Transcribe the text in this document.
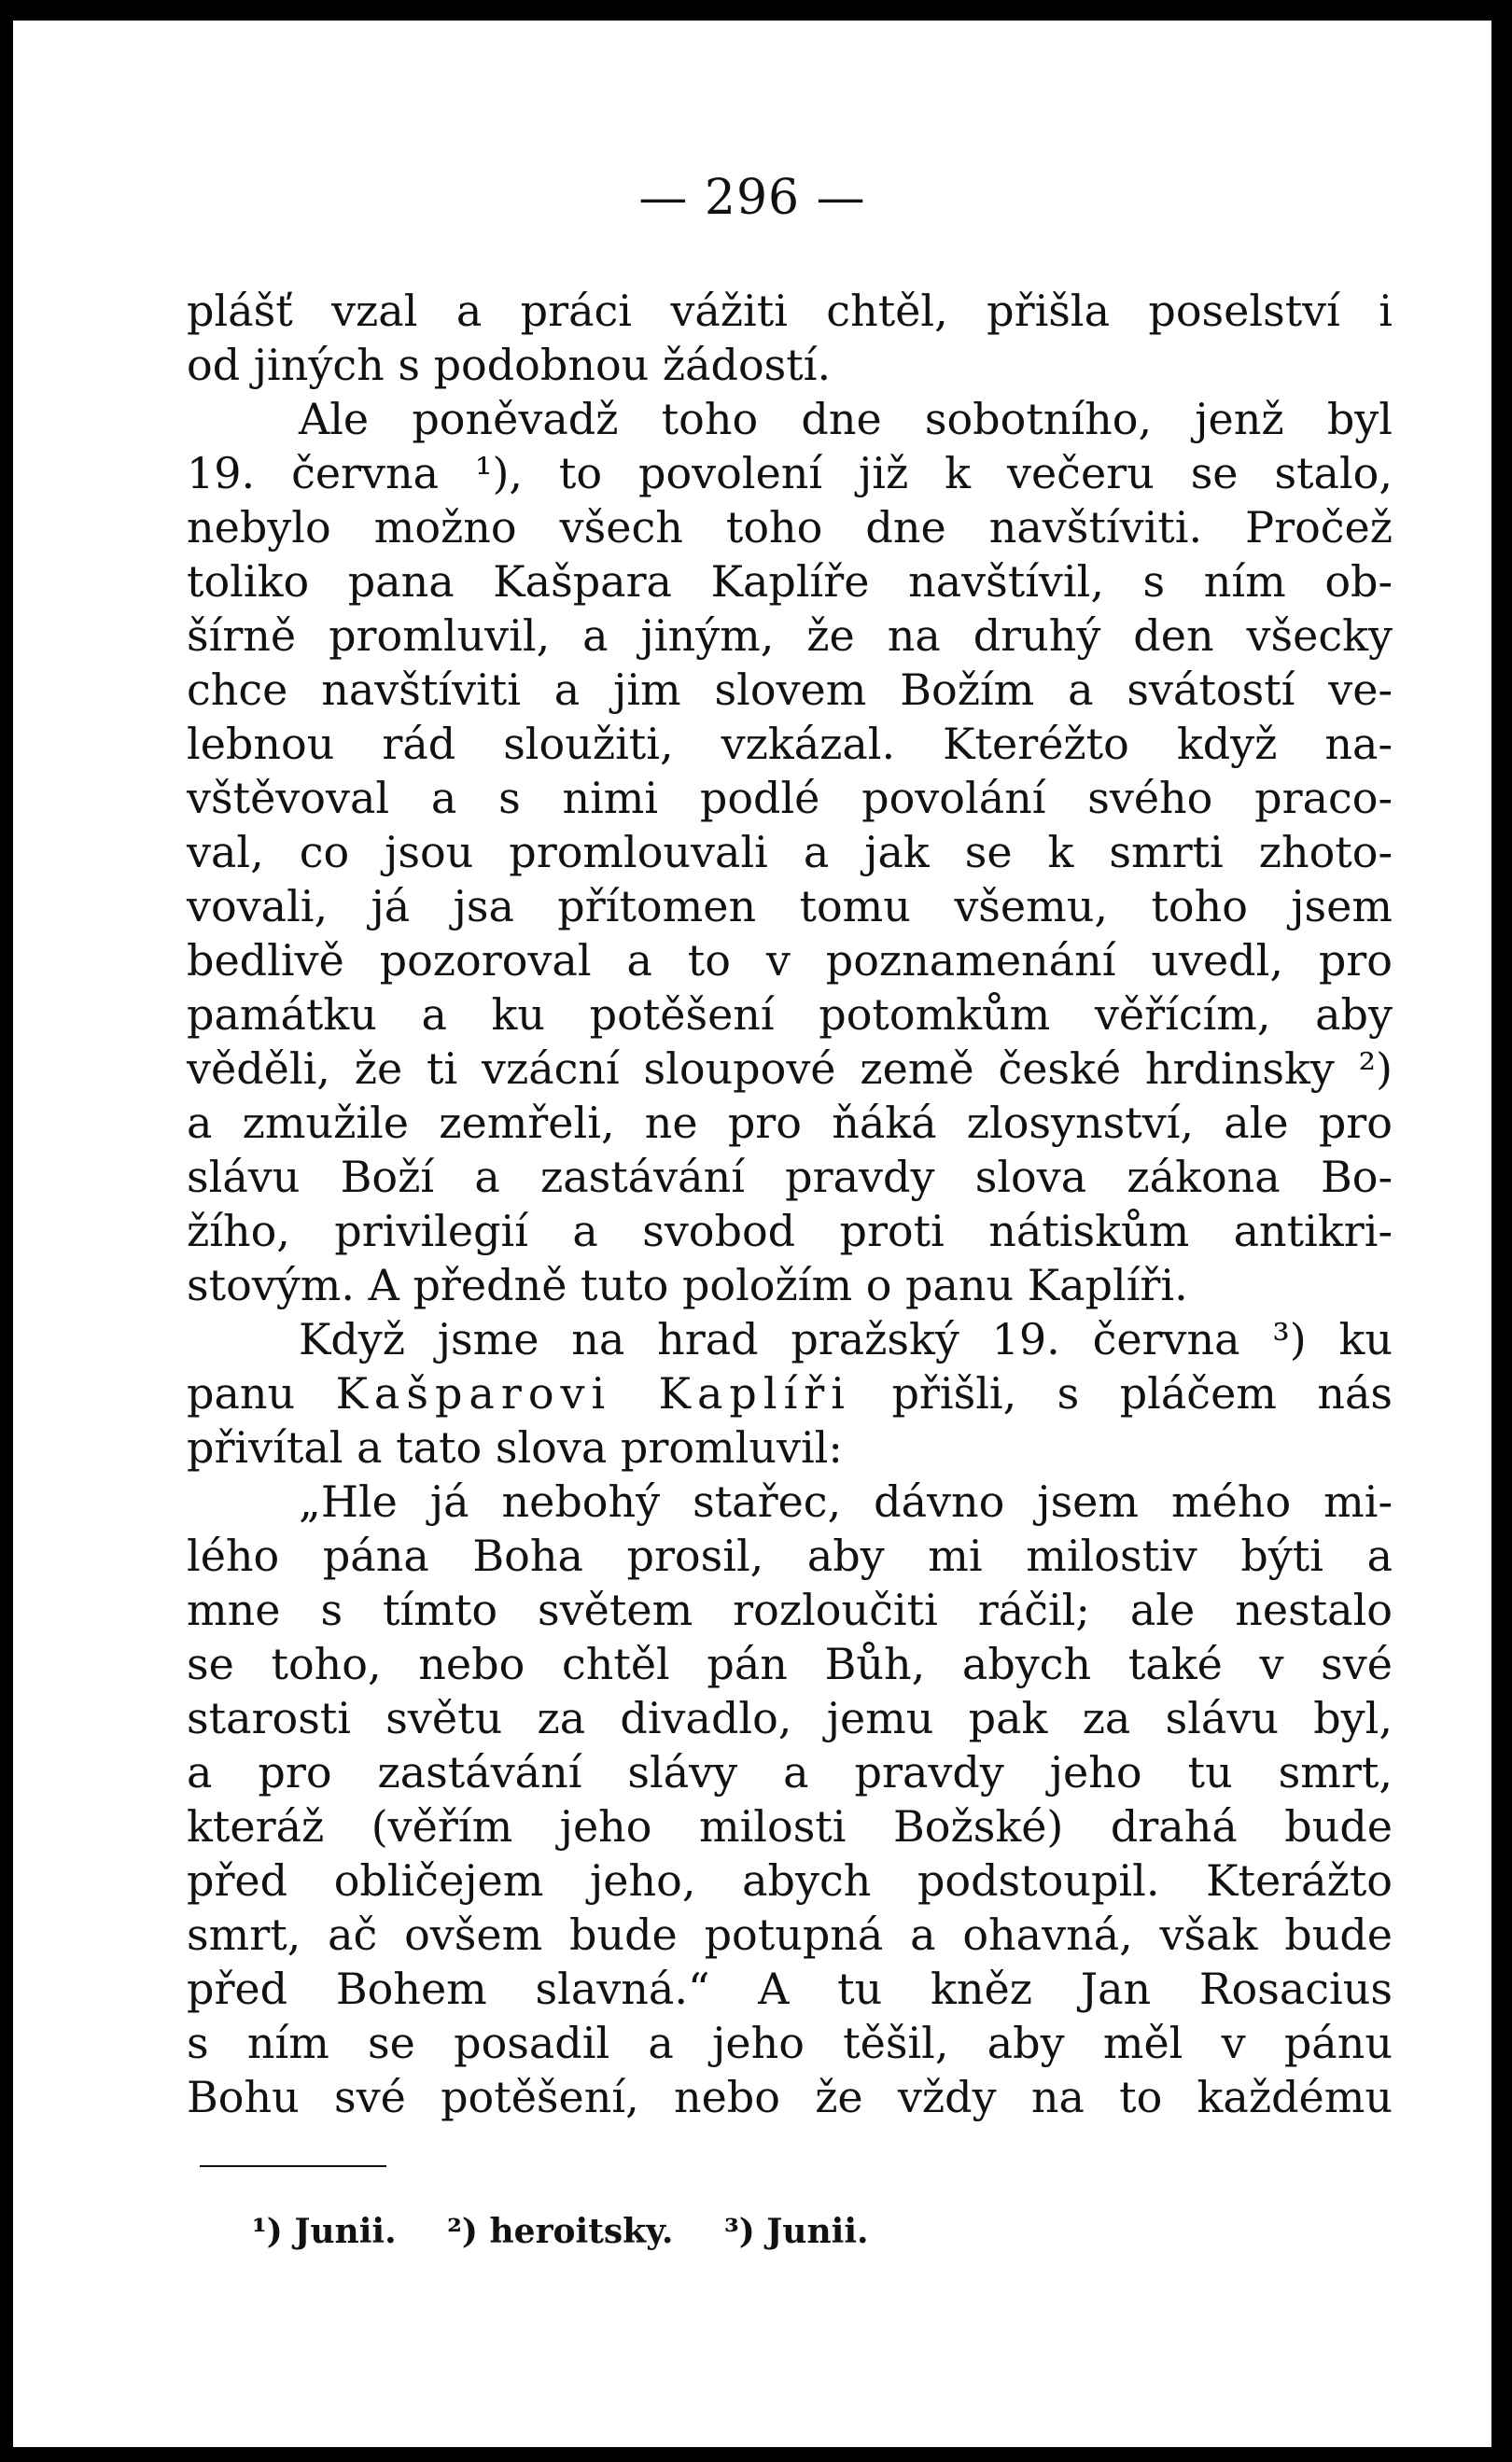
— 296 —
plášť vzal a práci vážiti chtěl, přišla poselství i
od jiných s podobnou žádostí.
Ale poněvadž toho dne sobotního, jenž byl
19. června ¹), to povolení již k večeru se stalo,
nebylo možno všech toho dne navštíviti. Pročež
toliko pana Kašpara Kaplíře navštívil, s ním ob-
šírně promluvil, a jiným, že na druhý den všecky
chce navštíviti a jim slovem Božím a svátostí ve-
lebnou rád sloužiti, vzkázal. Kteréžto když na-
vštěvoval a s nimi podlé povolání svého praco-
val, co jsou promlouvali a jak se k smrti zhoto-
vovali, já jsa přítomen tomu všemu, toho jsem
bedlivě pozoroval a to v poznamenání uvedl, pro
památku a ku potěšení potomkům věřícím, aby
věděli, že ti vzácní sloupové země české hrdinsky ²)
a zmužile zemřeli, ne pro ňáká zlosynství, ale pro
slávu Boží a zastávání pravdy slova zákona Bo-
žího, privilegií a svobod proti nátiskům antikri-
stovým. A předně tuto položím o panu Kaplíři.
Když jsme na hrad pražský 19. června ³) ku
panu Kašparovi Kaplíři přišli, s pláčem nás
přivítal a tato slova promluvil:
„Hle já nebohý stařec, dávno jsem mého mi-
lého pána Boha prosil, aby mi milostiv býti a
mne s tímto světem rozloučiti ráčil; ale nestalo
se toho, nebo chtěl pán Bůh, abych také v své
starosti světu za divadlo, jemu pak za slávu byl,
a pro zastávání slávy a pravdy jeho tu smrt,
kteráž (věřím jeho milosti Božské) drahá bude
před obličejem jeho, abych podstoupil. Kterážto
smrt, ač ovšem bude potupná a ohavná, však bude
před Bohem slavná.“ A tu kněz Jan Rosacius
s ním se posadil a jeho těšil, aby měl v pánu
Bohu své potěšení, nebo že vždy na to každému
¹) Junii. ²) heroitsky. ³) Junii.
